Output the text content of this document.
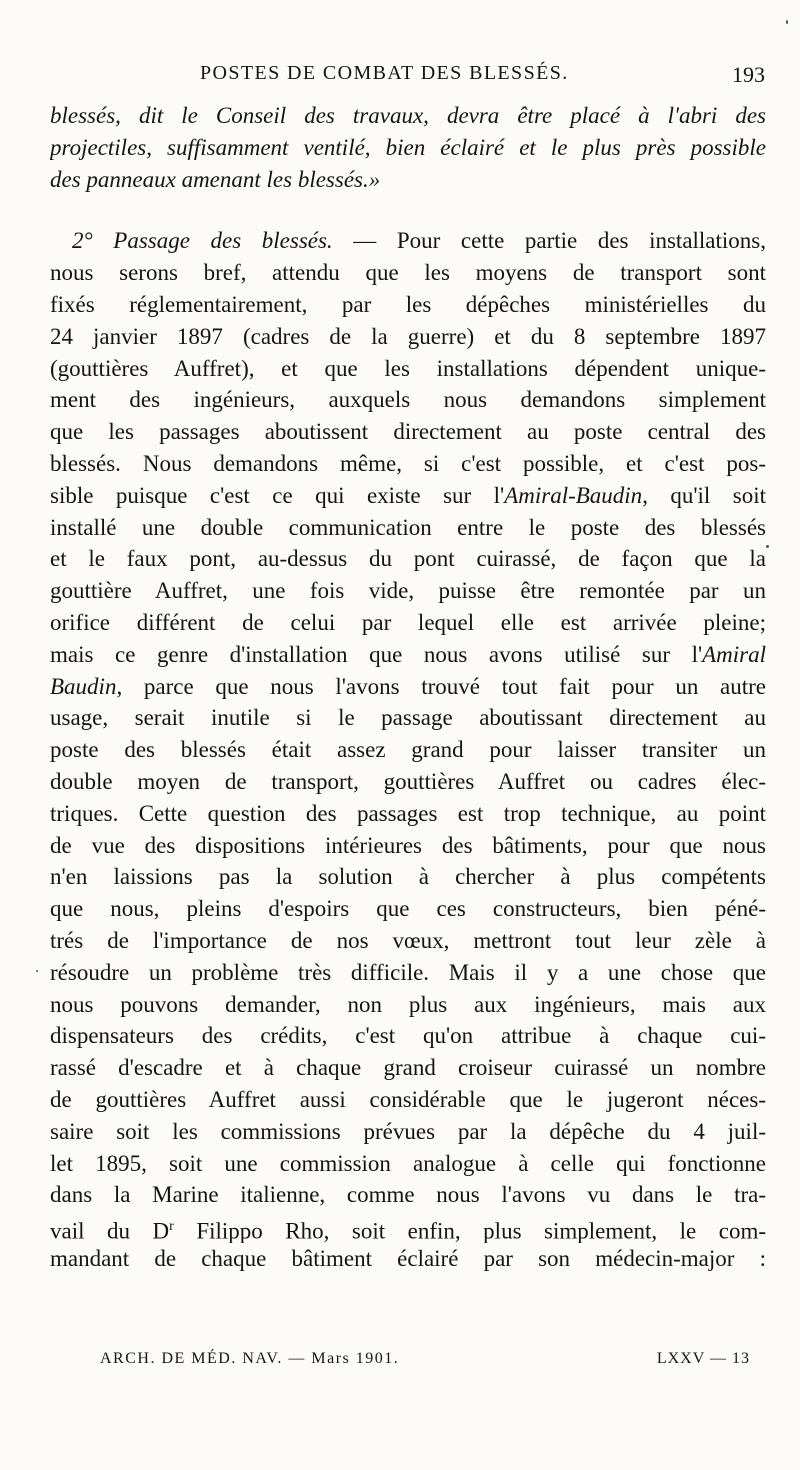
POSTES DE COMBAT DES BLESSÉS.	193
blessés, dit le Conseil des travaux, devra être placé à l'abri des
projectiles, suffisamment ventilé, bien éclairé et le plus près possible
des panneaux amenant les blessés.»
2° Passage des blessés. — Pour cette partie des installations,
nous serons bref, attendu que les moyens de transport sont
fixés réglementairement, par les dépêches ministérielles du
24 janvier 1897 (cadres de la guerre) et du 8 septembre 1897
(gouttières Auffret), et que les installations dépendent unique-
ment des ingénieurs, auxquels nous demandons simplement
que les passages aboutissent directement au poste central des
blessés. Nous demandons même, si c'est possible, et c'est pos-
sible puisque c'est ce qui existe sur l'Amiral-Baudin, qu'il soit
installé une double communication entre le poste des blessés
et le faux pont, au-dessus du pont cuirassé, de façon que la
gouttière Auffret, une fois vide, puisse être remontée par un
orifice différent de celui par lequel elle est arrivée pleine;
mais ce genre d'installation que nous avons utilisé sur l'Amiral
Baudin, parce que nous l'avons trouvé tout fait pour un autre
usage, serait inutile si le passage aboutissant directement au
poste des blessés était assez grand pour laisser transiter un
double moyen de transport, gouttières Auffret ou cadres élec-
triques. Cette question des passages est trop technique, au point
de vue des dispositions intérieures des bâtiments, pour que nous
n'en laissions pas la solution à chercher à plus compétents
que nous, pleins d'espoirs que ces constructeurs, bien péné-
trés de l'importance de nos vœux, mettront tout leur zèle à
résoudre un problème très difficile. Mais il y a une chose que
nous pouvons demander, non plus aux ingénieurs, mais aux
dispensateurs des crédits, c'est qu'on attribue à chaque cui-
rassé d'escadre et à chaque grand croiseur cuirassé un nombre
de gouttières Auffret aussi considérable que le jugeront néces-
saire soit les commissions prévues par la dépêche du 4 juil-
let 1895, soit une commission analogue à celle qui fonctionne
dans la Marine italienne, comme nous l'avons vu dans le tra-
vail du $D^r$ Filippo Rho, soit enfin, plus simplement, le com-
mandant de chaque bâtiment éclairé par son médecin-major :
ARCH. DE MÉD. NAV. — Mars 1901.	LXXV — 13
